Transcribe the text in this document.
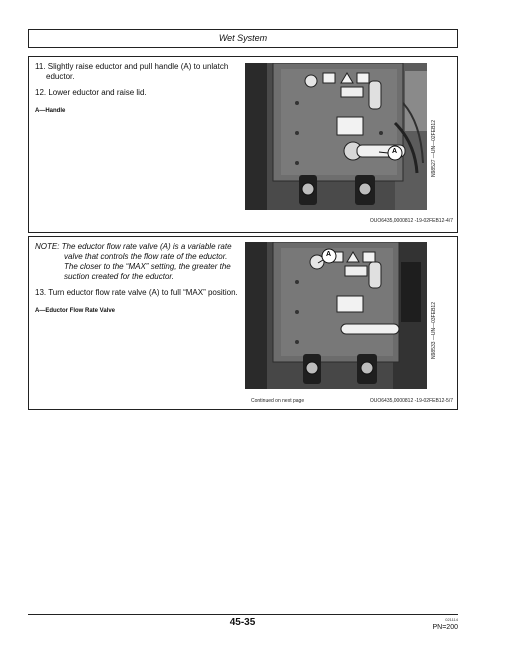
Wet System

11. Slightly raise eductor and pull handle (A) to unlatch eductor.

12. Lower eductor and raise lid.

A—Handle
A	N98527 —UN—02FEB12
OUO6435,0000812 -19-02FEB12-4/7

NOTE: The eductor flow rate valve (A) is a variable rate valve that controls the flow rate of the eductor. The closer to the “MAX” setting, the greater the suction created for the eductor.

13. Turn eductor flow rate valve (A) to full “MAX” position.

A—Eductor Flow Rate Valve
A
N98533 —UN—03FEB12
Continued on next page	OUO6435,0000812 -19-02FEB12-5/7
45-35	021114
PN=200
